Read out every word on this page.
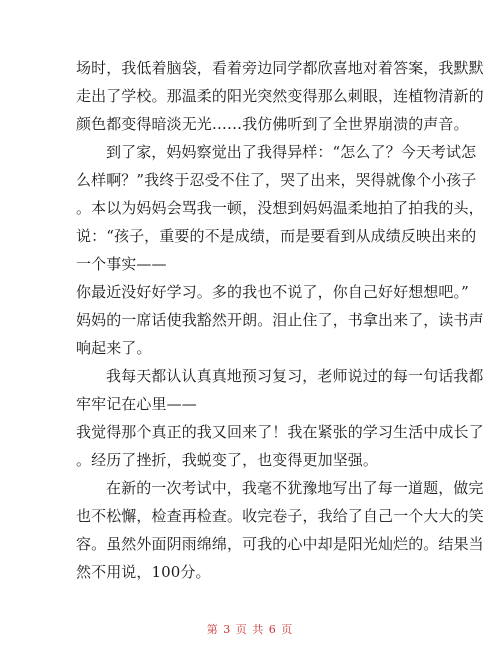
场时，我低着脑袋，看着旁边同学都欣喜地对着答案，我默默
走出了学校。那温柔的阳光突然变得那么刺眼，连植物清新的
颜色都变得暗淡无光……我仿佛听到了全世界崩溃的声音。
到了家，妈妈察觉出了我得异样：“怎么了？今天考试怎
么样啊？”我终于忍受不住了，哭了出来，哭得就像个小孩子
。本以为妈妈会骂我一顿，没想到妈妈温柔地拍了拍我的头，
说：“孩子，重要的不是成绩，而是要看到从成绩反映出来的
一个事实——
你最近没好好学习。多的我也不说了，你自己好好想想吧。”
妈妈的一席话使我豁然开朗。泪止住了，书拿出来了，读书声
响起来了。
我每天都认认真真地预习复习，老师说过的每一句话我都
牢牢记在心里——
我觉得那个真正的我又回来了！我在紧张的学习生活中成长了
。经历了挫折，我蜕变了，也变得更加坚强。
在新的一次考试中，我毫不犹豫地写出了每一道题，做完
也不松懈，检查再检查。收完卷子，我给了自己一个大大的笑
容。虽然外面阴雨绵绵，可我的心中却是阳光灿烂的。结果当
然不用说，100分。
第 3 页 共 6 页
